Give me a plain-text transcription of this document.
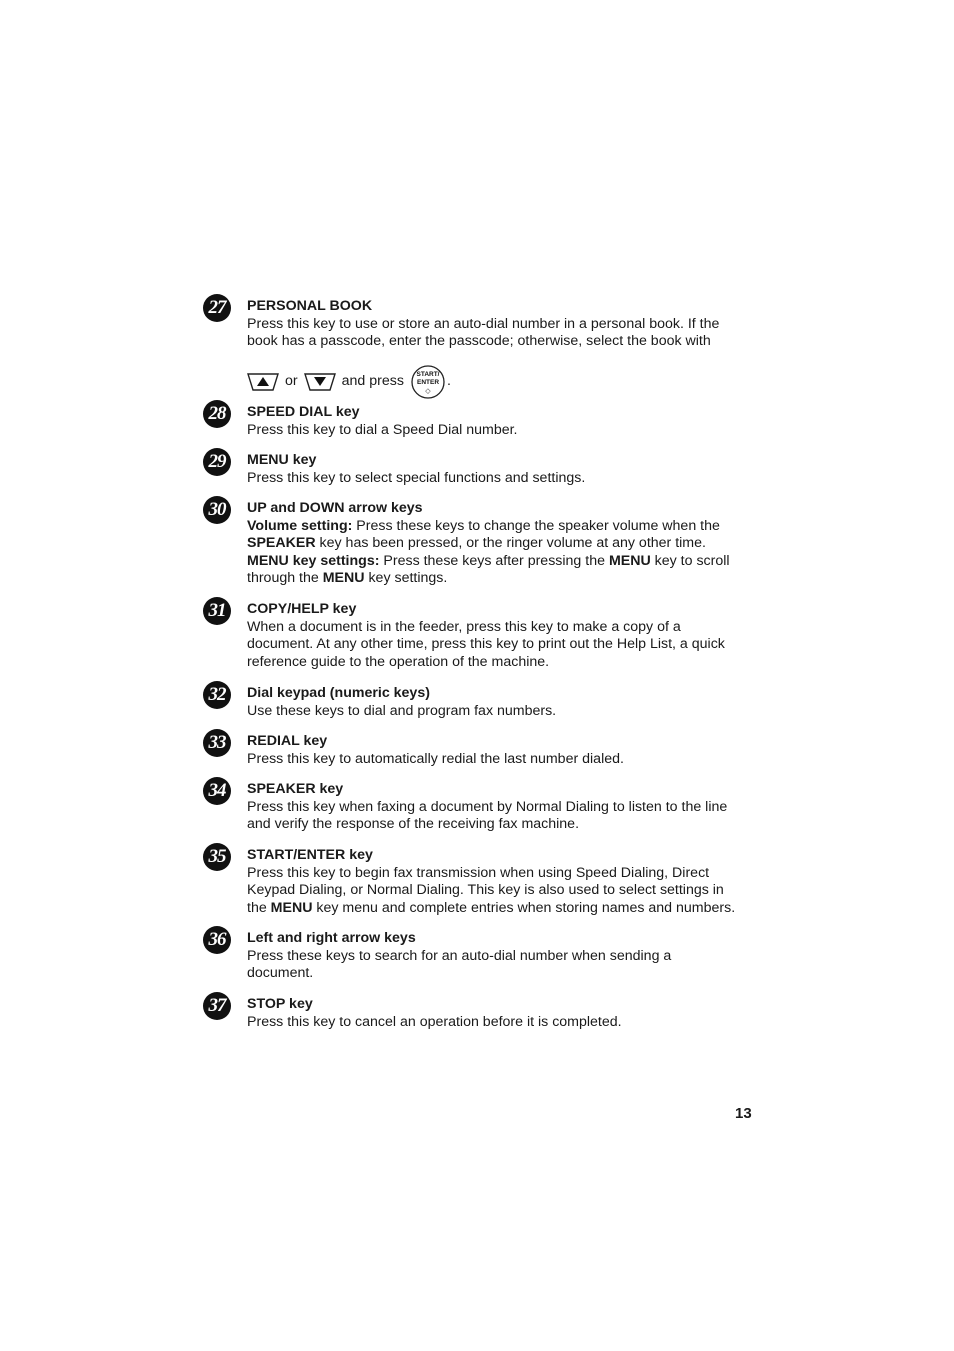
27	PERSONAL BOOK
Press this key to use or store an auto-dial number in a personal book. If the
book has a passcode, enter the passcode; otherwise, select the book with
or	and press START/
ENTER
◇
.
28	SPEED DIAL key
Press this key to dial a Speed Dial number.
29	MENU key
Press this key to select special functions and settings.
30	UP and DOWN arrow keys
Volume setting: Press these keys to change the speaker volume when the
SPEAKER key has been pressed, or the ringer volume at any other time.
MENU key settings: Press these keys after pressing the MENU key to scroll
through the MENU key settings.
31	COPY/HELP key
When a document is in the feeder, press this key to make a copy of a
document. At any other time, press this key to print out the Help List, a quick
reference guide to the operation of the machine.
32	Dial keypad (numeric keys)
Use these keys to dial and program fax numbers.
33	REDIAL key
Press this key to automatically redial the last number dialed.
34	SPEAKER key
Press this key when faxing a document by Normal Dialing to listen to the line
and verify the response of the receiving fax machine.
35	START/ENTER key
Press this key to begin fax transmission when using Speed Dialing, Direct
Keypad Dialing, or Normal Dialing. This key is also used to select settings in
the MENU key menu and complete entries when storing names and numbers.
36	Left and right arrow keys
Press these keys to search for an auto-dial number when sending a
document.
37	STOP key
Press this key to cancel an operation before it is completed.
13
